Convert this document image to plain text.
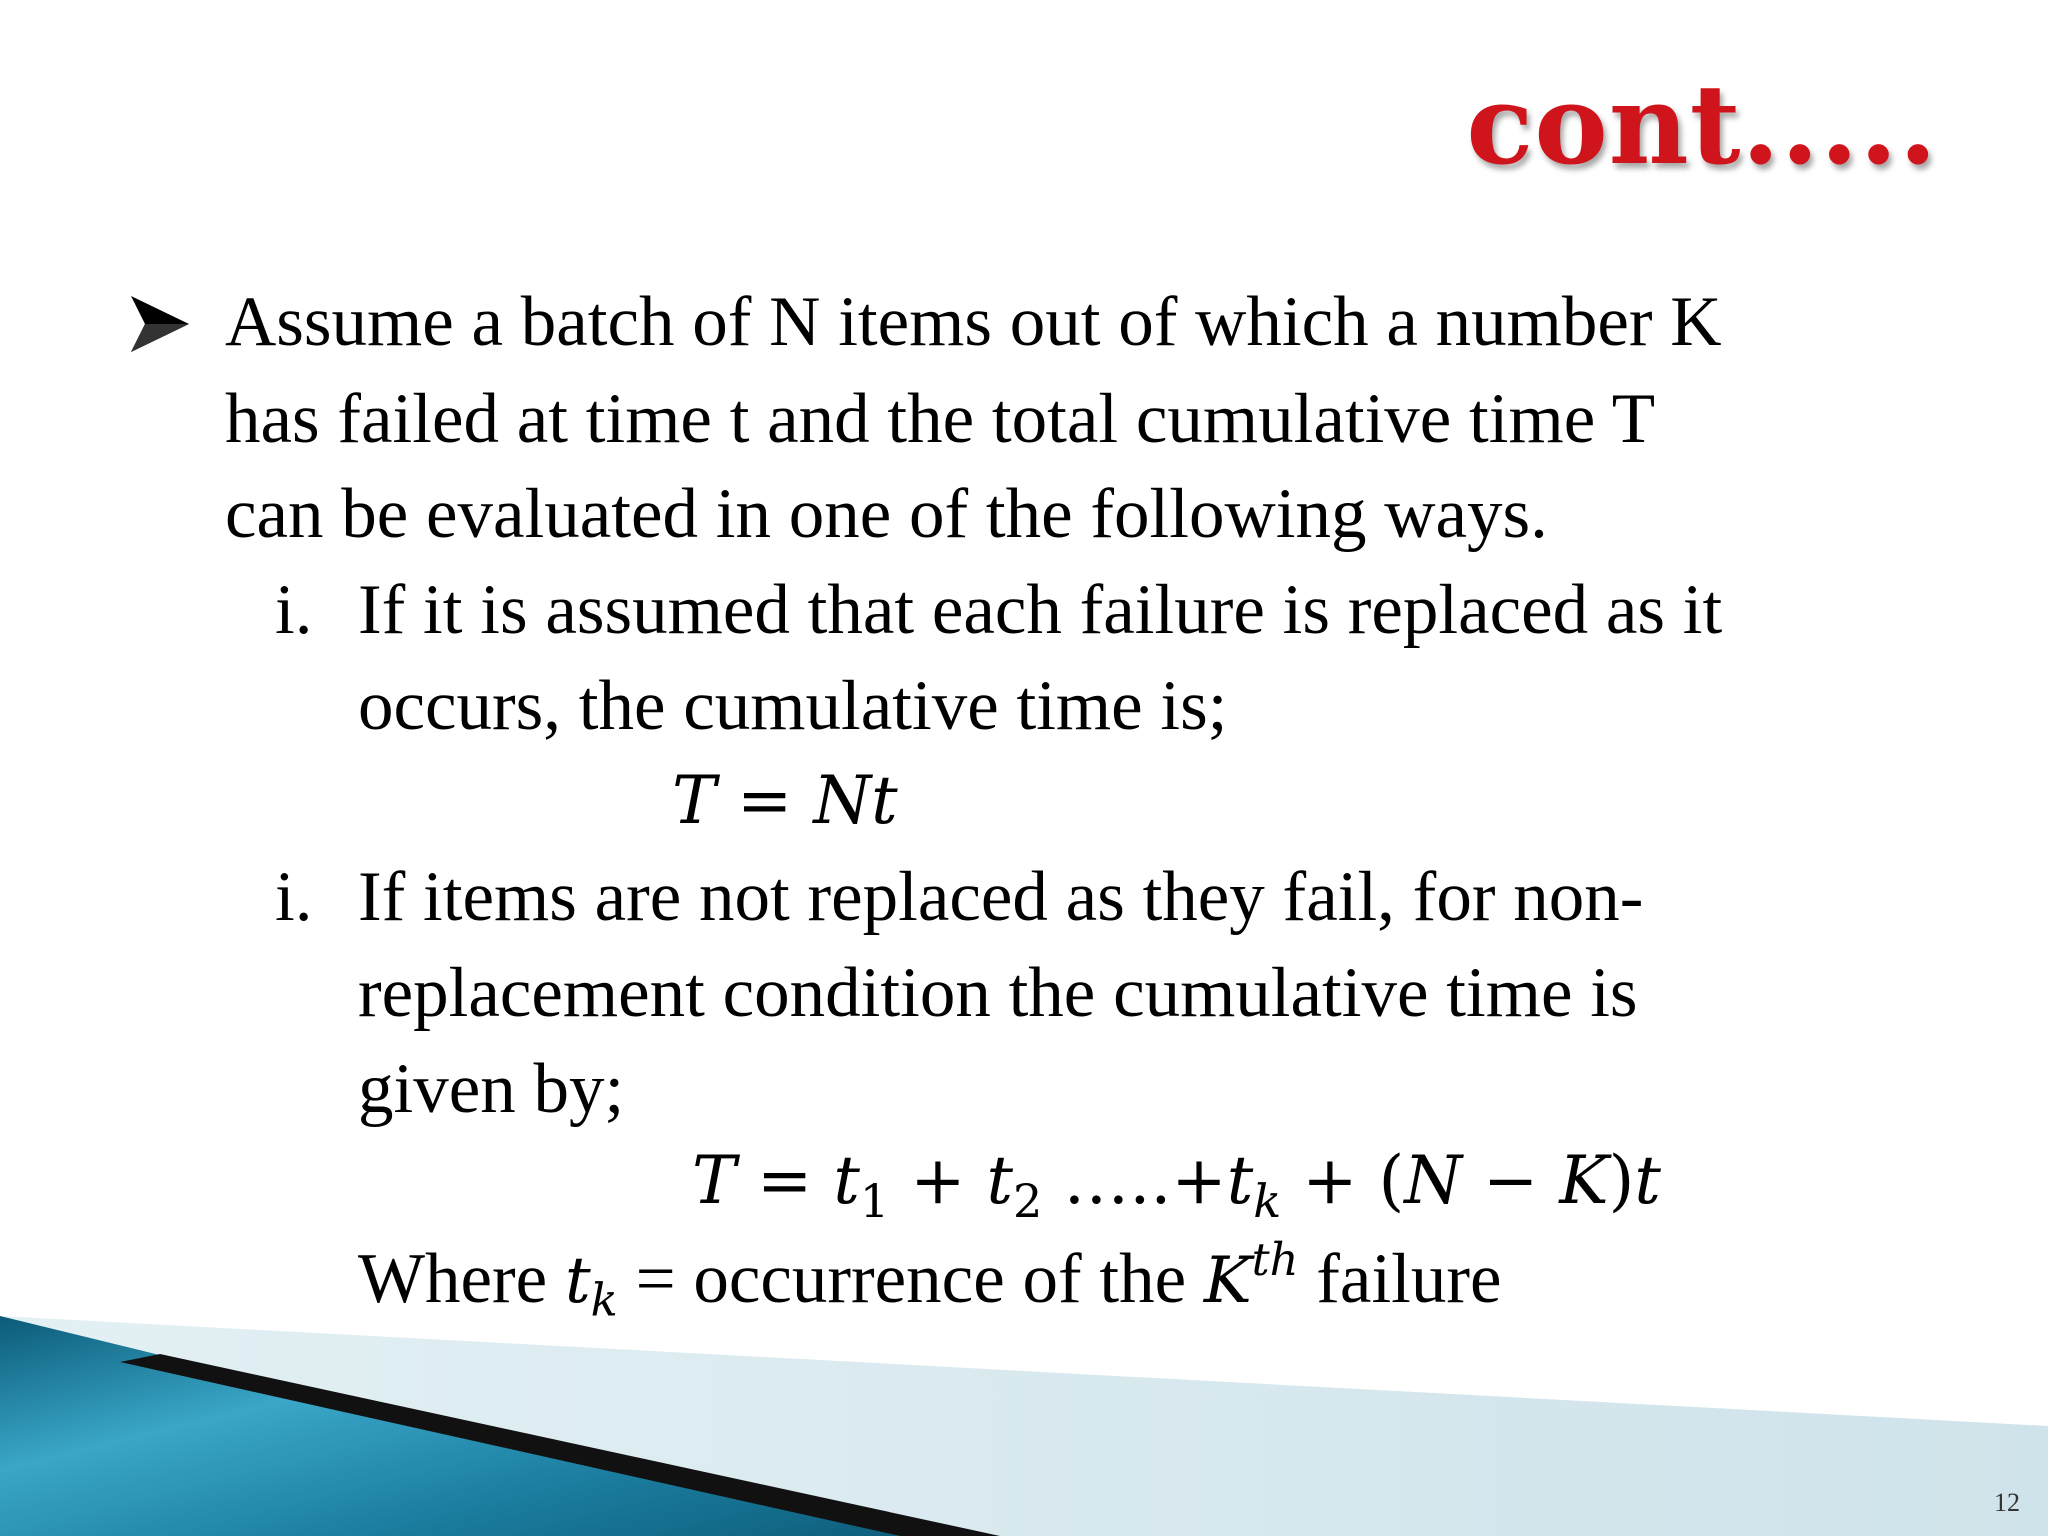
cont.....
Assume a batch of N items out of which a number K
has failed at time t and the total cumulative time T
can be evaluated in one of the following ways.
i. If it is assumed that each failure is replaced as it
occurs, the cumulative time is;
T = Nt
i. If items are not replaced as they fail, for non-
replacement condition the cumulative time is
given by;
$T = t_1 + t_2$ $\dots..+t_k + (N - K)t$
Where $t_k$ = occurrence of the $K^{th}$ failure
12
